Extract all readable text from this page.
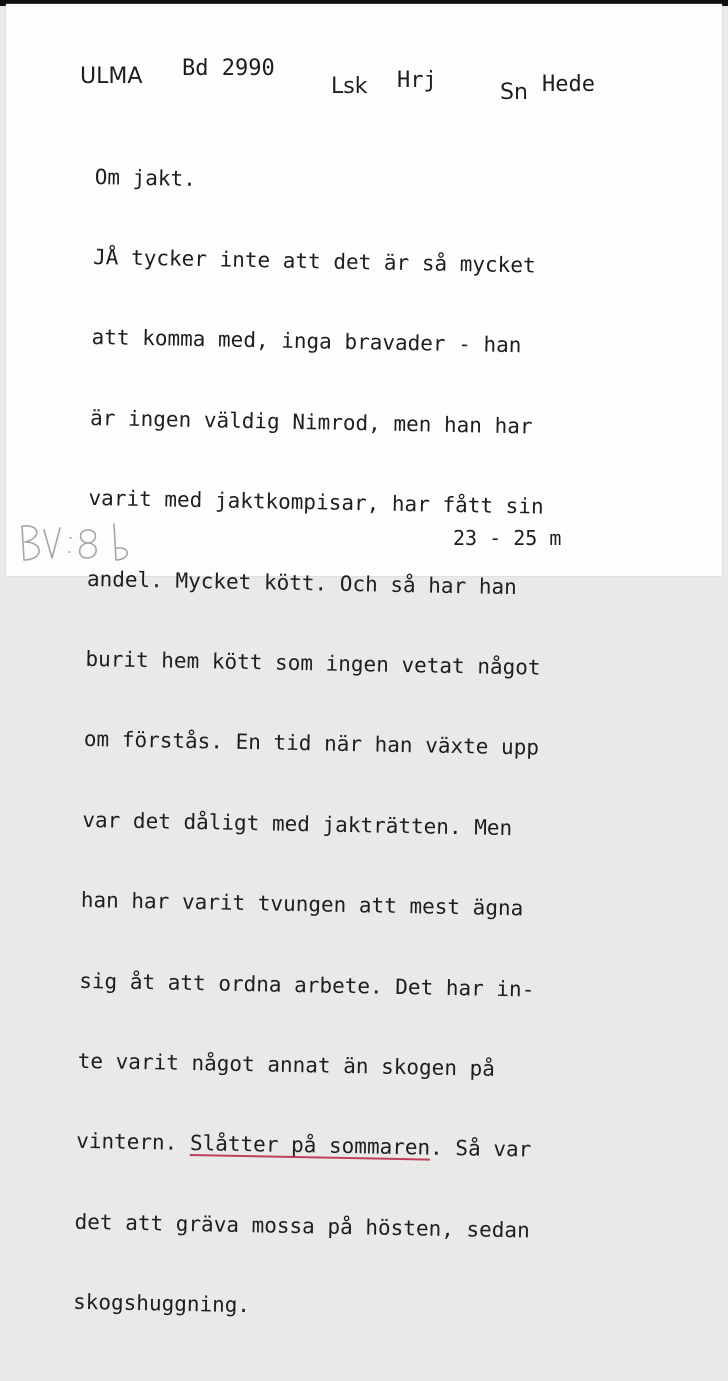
ULMA Bd 2990
Lsk Hrj	Sn Hede

Om jakt.

JÅ tycker inte att det är så mycket

att komma med, inga bravader - han

är ingen väldig Nimrod, men han har

varit med jaktkompisar, har fått sin

andel. Mycket kött. Och så har han

burit hem kött som ingen vetat något

om förstås. En tid när han växte upp

var det dåligt med jakträtten. Men

han har varit tvungen att mest ägna

sig åt att ordna arbete. Det har in-

te varit något annat än skogen på

vintern. Slåtter på sommaren. Så var

det att gräva mossa på hösten, sedan

skogshuggning.

23 - 25 m
